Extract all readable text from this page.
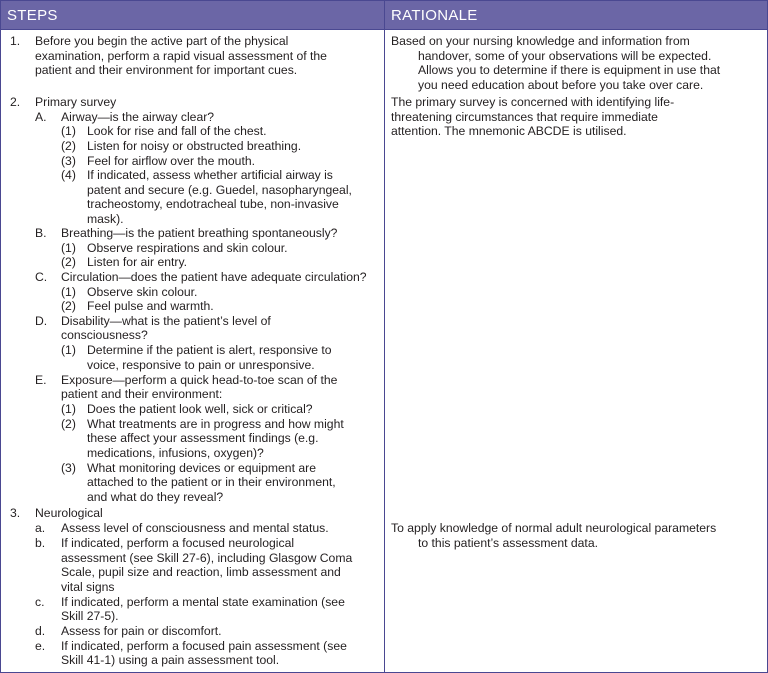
STEPS	RATIONALE
1. Before you begin the active part of the physical
examination, perform a rapid visual assessment of the
patient and their environment for important cues.
Based on your nursing knowledge and information from
handover, some of your observations will be expected.
Allows you to determine if there is equipment in use that
you need education about before you take over care.
2. Primary survey	The primary survey is concerned with identifying life-
threatening circumstances that require immediate
attention. The mnemonic ABCDE is utilised.
A. Airway—is the airway clear?
(1) Look for rise and fall of the chest.
(2) Listen for noisy or obstructed breathing.
(3) Feel for airflow over the mouth.
(4) If indicated, assess whether artificial airway is
patent and secure (e.g. Guedel, nasopharyngeal,
tracheostomy, endotracheal tube, non-invasive
mask).
B. Breathing—is the patient breathing spontaneously?
(1) Observe respirations and skin colour.
(2) Listen for air entry.
C. Circulation—does the patient have adequate circulation?
(1) Observe skin colour.
(2) Feel pulse and warmth.
D. Disability—what is the patient’s level of
consciousness?
(1) Determine if the patient is alert, responsive to
voice, responsive to pain or unresponsive.
E. Exposure—perform a quick head-to-toe scan of the
patient and their environment:
(1) Does the patient look well, sick or critical?
(2) What treatments are in progress and how might
these affect your assessment findings (e.g.
medications, infusions, oxygen)?
(3) What monitoring devices or equipment are
attached to the patient or in their environment,
and what do they reveal?
3. Neurological
To apply knowledge of normal adult neurological parameters
to this patient’s assessment data.
a. Assess level of consciousness and mental status.
b. If indicated, perform a focused neurological
assessment (see Skill 27-6), including Glasgow Coma
Scale, pupil size and reaction, limb assessment and
vital signs
c. If indicated, perform a mental state examination (see
Skill 27-5).
d. Assess for pain or discomfort.
e. If indicated, perform a focused pain assessment (see
Skill 41-1) using a pain assessment tool.
